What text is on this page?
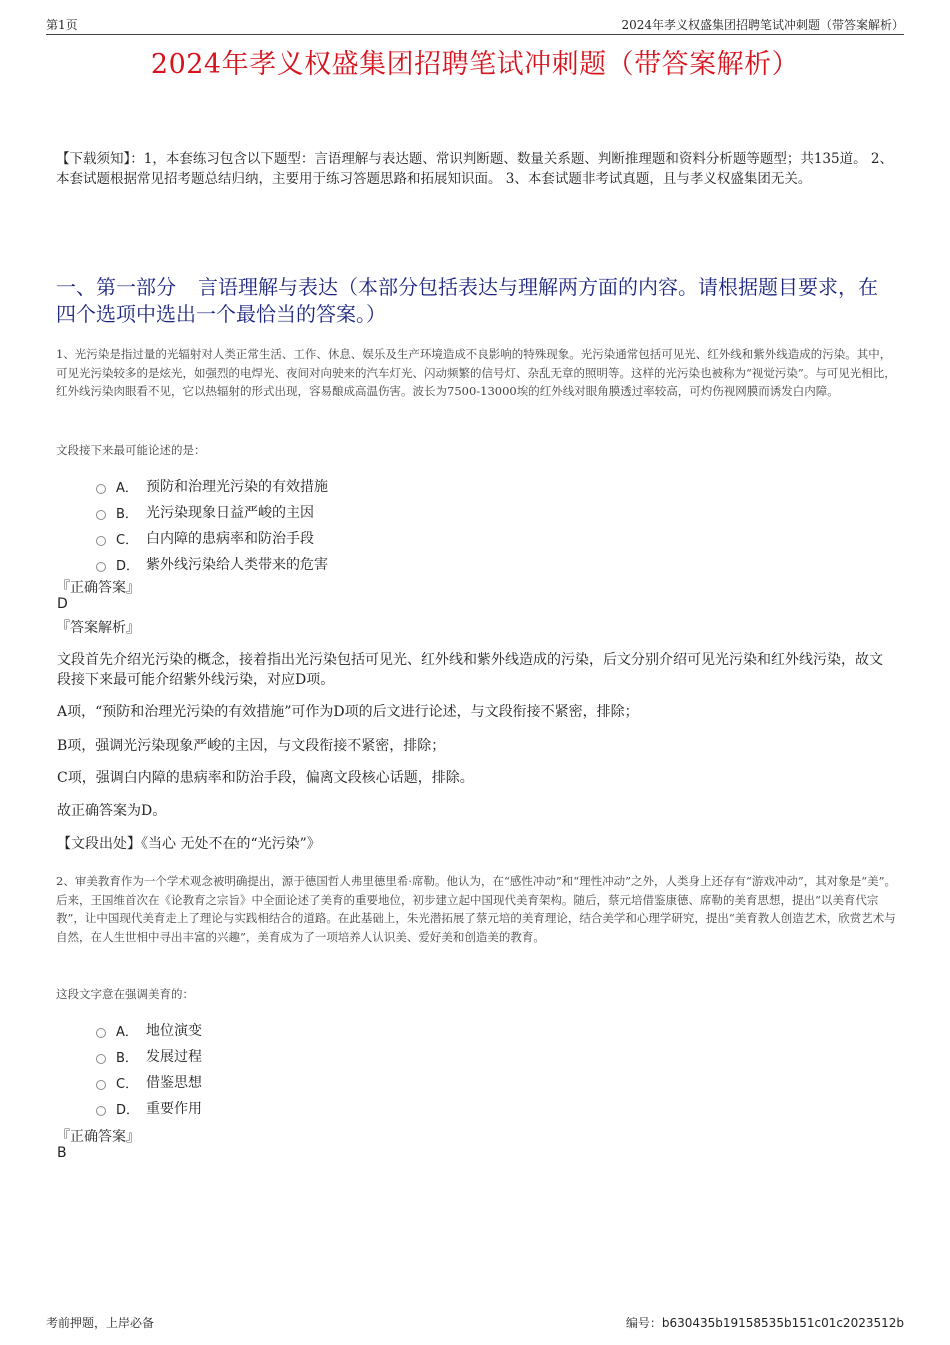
第1页	2024年孝义权盛集团招聘笔试冲刺题（带答案解析）
2024年孝义权盛集团招聘笔试冲刺题（带答案解析）
【下载须知】：1，本套练习包含以下题型：言语理解与表达题、常识判断题、数量关系题、判断推理题和资料分析题等题型；共135道。 2、本套试题根据常见招考题总结归纳，主要用于练习答题思路和拓展知识面。 3、本套试题非考试真题，且与孝义权盛集团无关。
一、第一部分 言语理解与表达（本部分包括表达与理解两方面的内容。请根据题目要求，在四个选项中选出一个最恰当的答案。）
1、光污染是指过量的光辐射对人类正常生活、工作、休息、娱乐及生产环境造成不良影响的特殊现象。光污染通常包括可见光、红外线和紫外线造成的污染。其中，可见光污染较多的是炫光，如强烈的电焊光、夜间对向驶来的汽车灯光、闪动频繁的信号灯、杂乱无章的照明等。这样的光污染也被称为“视觉污染”。与可见光相比，红外线污染肉眼看不见，它以热辐射的形式出现，容易酿成高温伤害。波长为7500-13000埃的红外线对眼角膜透过率较高，可灼伤视网膜而诱发白内障。
文段接下来最可能论述的是：
A． 预防和治理光污染的有效措施
B． 光污染现象日益严峻的主因
C． 白内障的患病率和防治手段
D． 紫外线污染给人类带来的危害
『正确答案』
D
『答案解析』
文段首先介绍光污染的概念，接着指出光污染包括可见光、红外线和紫外线造成的污染，后文分别介绍可见光污染和红外线污染，故文段接下来最可能介绍紫外线污染，对应D项。
A项，“预防和治理光污染的有效措施”可作为D项的后文进行论述，与文段衔接不紧密，排除；
B项，强调光污染现象严峻的主因，与文段衔接不紧密，排除；
C项，强调白内障的患病率和防治手段，偏离文段核心话题，排除。
故正确答案为D。
【文段出处】《当心 无处不在的“光污染”》
2、审美教育作为一个学术观念被明确提出，源于德国哲人弗里德里希·席勒。他认为，在“感性冲动”和“理性冲动”之外，人类身上还存有“游戏冲动”，其对象是“美”。后来，王国维首次在《论教育之宗旨》中全面论述了美育的重要地位，初步建立起中国现代美育架构。随后，蔡元培借鉴康德、席勒的美育思想，提出“以美育代宗教”，让中国现代美育走上了理论与实践相结合的道路。在此基础上，朱光潜拓展了蔡元培的美育理论，结合美学和心理学研究，提出“美育教人创造艺术，欣赏艺术与自然，在人生世相中寻出丰富的兴趣”，美育成为了一项培养人认识美、爱好美和创造美的教育。
这段文字意在强调美育的：
A． 地位演变
B． 发展过程
C． 借鉴思想
D． 重要作用
『正确答案』
B
考前押题，上岸必备	编号：b630435b19158535b151c01c2023512b
